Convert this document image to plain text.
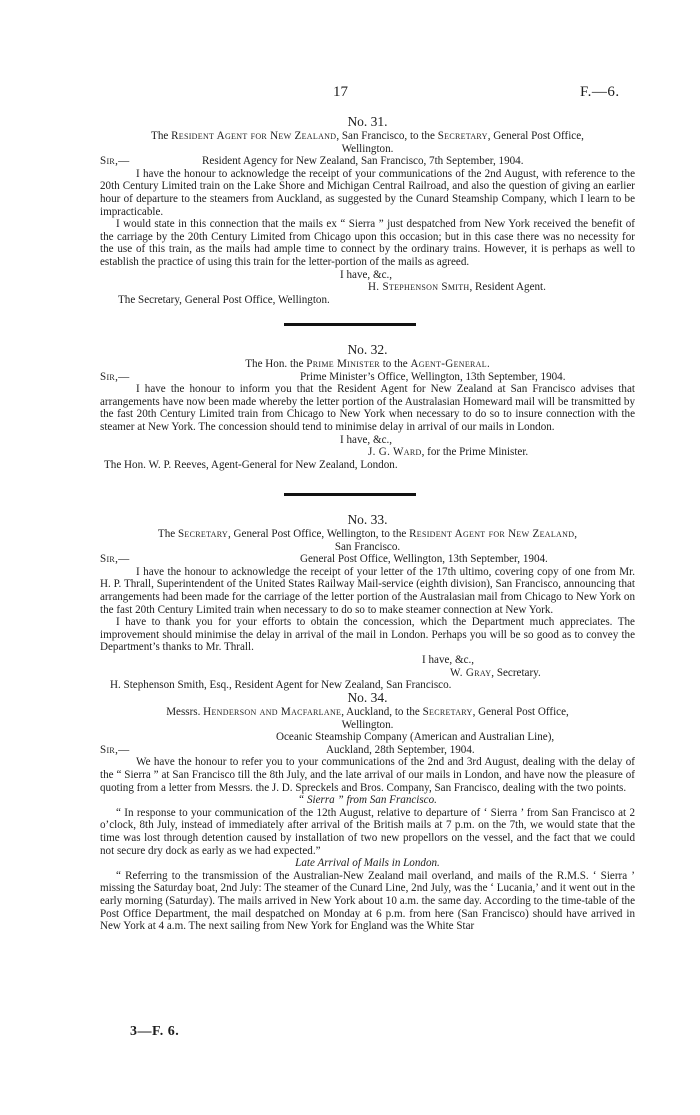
17	F.—6.

No. 31.

The Resident Agent for New Zealand, San Francisco, to the Secretary, General Post Office,
Wellington.

Sir,—	Resident Agency for New Zealand, San Francisco, 7th September, 1904.

I have the honour to acknowledge the receipt of your communications of the 2nd August, with reference to the 20th Century Limited train on the Lake Shore and Michigan Central Railroad, and also the question of giving an earlier hour of departure to the steamers from Auckland, as suggested by the Cunard Steamship Company, which I learn to be impracticable.

I would state in this connection that the mails ex “ Sierra ” just despatched from New York received the benefit of the carriage by the 20th Century Limited from Chicago upon this occasion; but in this case there was no necessity for the use of this train, as the mails had ample time to connect by the ordinary trains. However, it is perhaps as well to establish the practice of using this train for the letter-portion of the mails as agreed.

I have, &c.,

H. Stephenson Smith, Resident Agent.

The Secretary, General Post Office, Wellington.

No. 32.

The Hon. the Prime Minister to the Agent-General.

Sir,—	Prime Minister’s Office, Wellington, 13th September, 1904.

I have the honour to inform you that the Resident Agent for New Zealand at San Francisco advises that arrangements have now been made whereby the letter portion of the Australasian Homeward mail will be transmitted by the fast 20th Century Limited train from Chicago to New York when necessary to do so to insure connection with the steamer at New York. The concession should tend to minimise delay in arrival of our mails in London.

I have, &c.,

J. G. Ward, for the Prime Minister.

The Hon. W. P. Reeves, Agent-General for New Zealand, London.

No. 33.

The Secretary, General Post Office, Wellington, to the Resident Agent for New Zealand,
San Francisco.

Sir,—	General Post Office, Wellington, 13th September, 1904.

I have the honour to acknowledge the receipt of your letter of the 17th ultimo, covering copy of one from Mr. H. P. Thrall, Superintendent of the United States Railway Mail-service (eighth division), San Francisco, announcing that arrangements had been made for the carriage of the letter portion of the Australasian mail from Chicago to New York on the fast 20th Century Limited train when necessary to do so to make steamer connection at New York.

I have to thank you for your efforts to obtain the concession, which the Department much appreciates. The improvement should minimise the delay in arrival of the mail in London. Perhaps you will be so good as to convey the Department’s thanks to Mr. Thrall.

I have, &c.,

W. Gray, Secretary.

H. Stephenson Smith, Esq., Resident Agent for New Zealand, San Francisco.

No. 34.

Messrs. Henderson and Macfarlane, Auckland, to the Secretary, General Post Office,
Wellington.

Oceanic Steamship Company (American and Australian Line),

Sir,—	Auckland, 28th September, 1904.

We have the honour to refer you to your communications of the 2nd and 3rd August, dealing with the delay of the “ Sierra ” at San Francisco till the 8th July, and the late arrival of our mails in London, and have now the pleasure of quoting from a letter from Messrs. the J. D. Spreckels and Bros. Company, San Francisco, dealing with the two points.

“ Sierra ” from San Francisco.

“ In response to your communication of the 12th August, relative to departure of ‘ Sierra ’ from San Francisco at 2 o’clock, 8th July, instead of immediately after arrival of the British mails at 7 p.m. on the 7th, we would state that the time was lost through detention caused by installation of two new propellors on the vessel, and the fact that we could not secure dry dock as early as we had expected.”

Late Arrival of Mails in London.

“ Referring to the transmission of the Australian-New Zealand mail overland, and mails of the R.M.S. ‘ Sierra ’ missing the Saturday boat, 2nd July: The steamer of the Cunard Line, 2nd July, was the ‘ Lucania,’ and it went out in the early morning (Saturday). The mails arrived in New York about 10 a.m. the same day. According to the time-table of the Post Office Department, the mail despatched on Monday at 6 p.m. from here (San Francisco) should have arrived in New York at 4 a.m. The next sailing from New York for England was the White Star

3—F. 6.
